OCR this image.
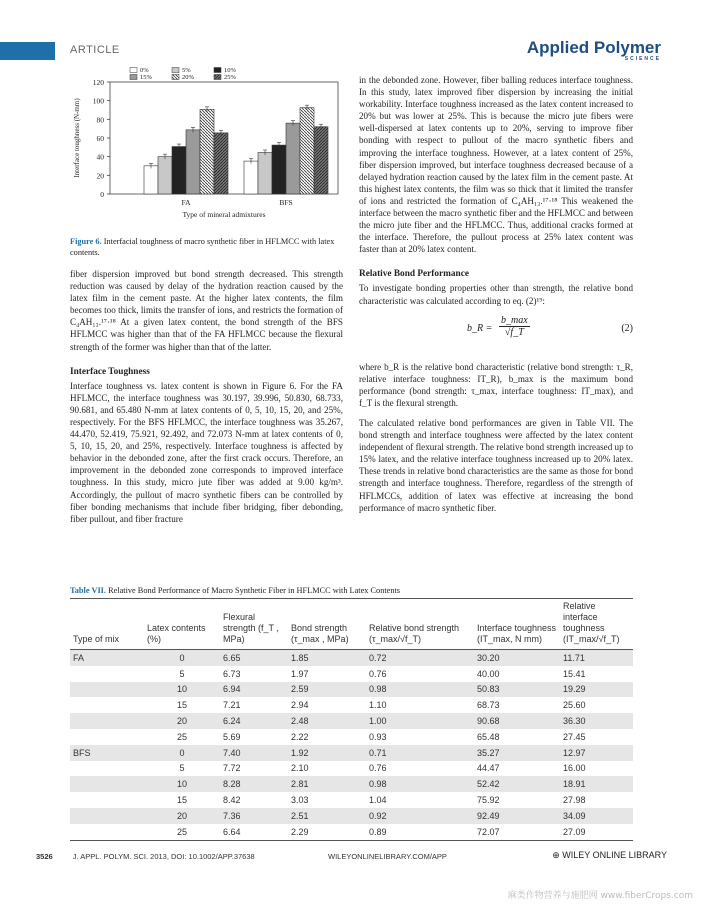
ARTICLE	Applied Polymer
SCIENCE
0
20
40
60
80
100
120
Interface toughness (N-mm)
Type of mineral admixtures
FA	BFS
0%	5%	10%
15%	20%	25%
Figure 6. Interfacial toughness of macro synthetic fiber in HFLMCC with latex contents.

fiber dispersion improved but bond strength decreased. This strength reduction was caused by delay of the hydration reaction caused by the latex film in the cement paste. At the higher latex contents, the film becomes too thick, limits the transfer of ions, and restricts the formation of C₄AH₁₃.¹⁷·¹⁸ At a given latex content, the bond strength of the BFS HFLMCC was higher than that of the FA HFLMCC because the flexural strength of the former was higher than that of the latter.

Interface Toughness

Interface toughness vs. latex content is shown in Figure 6. For the FA HFLMCC, the interface toughness was 30.197, 39.996, 50.830, 68.733, 90.681, and 65.480 N-mm at latex contents of 0, 5, 10, 15, 20, and 25%, respectively. For the BFS HFLMCC, the interface toughness was 35.267, 44.470, 52.419, 75.921, 92.492, and 72.073 N-mm at latex contents of 0, 5, 10, 15, 20, and 25%, respectively. Interface toughness is affected by behavior in the debonded zone, after the first crack occurs. Therefore, an improvement in the debonded zone corresponds to improved interface toughness. In this study, micro jute fiber was added at 9.00 kg/m³. Accordingly, the pullout of macro synthetic fibers can be controlled by fiber bonding mechanisms that include fiber bridging, fiber debonding, fiber pullout, and fiber fracture

in the debonded zone. However, fiber balling reduces interface toughness. In this study, latex improved fiber dispersion by increasing the initial workability. Interface toughness increased as the latex content increased to 20% but was lower at 25%. This is because the micro jute fibers were well-dispersed at latex contents up to 20%, serving to improve fiber bonding with respect to pullout of the macro synthetic fibers and improving the interface toughness. However, at a latex content of 25%, fiber dispersion improved, but interface toughness decreased because of a delayed hydration reaction caused by the latex film in the cement paste. At this highest latex contents, the film was so thick that it limited the transfer of ions and restricted the formation of C₄AH₁₃.¹⁷·¹⁸ This weakened the interface between the macro synthetic fiber and the HFLMCC and between the micro jute fiber and the HFLMCC. Thus, additional cracks formed at the interface. Therefore, the pullout process at 25% latex content was faster than at 20% latex content.

Relative Bond Performance

To investigate bonding properties other than strength, the relative bond characteristic was calculated according to eq. (2)¹⁹:

b_R =
b_max
√f_T	(2)

where b_R is the relative bond characteristic (relative bond strength: τ_R, relative interface toughness: IT_R), b_max is the maximum bond performance (bond strength: τ_max, interface toughness: IT_max), and f_T is the flexural strength.

The calculated relative bond performances are given in Table VII. The bond strength and interface toughness were affected by the latex content independent of flexural strength. The relative bond strength increased up to 15% latex, and the relative interface toughness increased up to 20% latex. These trends in relative bond characteristics are the same as those for bond strength and interface toughness. Therefore, regardless of the strength of HFLMCCs, addition of latex was effective at increasing the bond performance of macro synthetic fiber.

Table VII. Relative Bond Performance of Macro Synthetic Fiber in HFLMCC with Latex Contents
Type of mix	Latex contents (%)	Flexural strength (f_T , MPa)	Bond strength (τ_max , MPa)	Relative bond strength (τ_max/√f_T)	Interface toughness (IT_max, N mm)	Relative interface toughness (IT_max/√f_T)
FA	0	6.65	1.85	0.72	30.20	11.71
	5	6.73	1.97	0.76	40.00	15.41
	10	6.94	2.59	0.98	50.83	19.29
	15	7.21	2.94	1.10	68.73	25.60
	20	6.24	2.48	1.00	90.68	36.30
	25	5.69	2.22	0.93	65.48	27.45
BFS	0	7.40	1.92	0.71	35.27	12.97
	5	7.72	2.10	0.76	44.47	16.00
	10	8.28	2.81	0.98	52.42	18.91
	15	8.42	3.03	1.04	75.92	27.98
	20	7.36	2.51	0.92	92.49	34.09
	25	6.64	2.29	0.89	72.07	27.09
3526	J. APPL. POLYM. SCI. 2013, DOI: 10.1002/APP.37638	WILEYONLINELIBRARY.COM/APP	⊕ WILEY ONLINE LIBRARY
麻类作物营养与施肥网 www.fiberCrops.com
